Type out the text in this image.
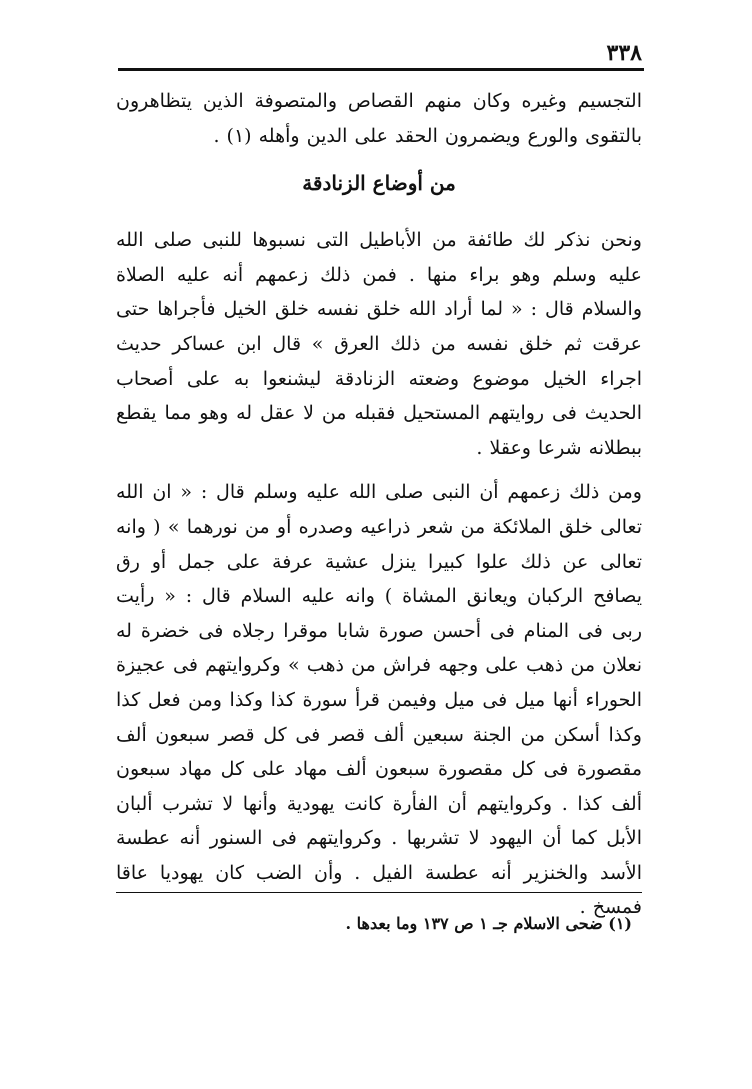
٣٣٨

التجسيم وغيره وكان منهم القصاص والمتصوفة الذين يتظاهرون بالتقوى والورع ويضمرون الحقد على الدين وأهله (١) .

من أوضاع الزنادقة

ونحن نذكر لك طائفة من الأباطيل التى نسبوها للنبى صلى الله عليه وسلم وهو براء منها . فمن ذلك زعمهم أنه عليه الصلاة والسلام قال : « لما أراد الله خلق نفسه خلق الخيل فأجراها حتى عرقت ثم خلق نفسه من ذلك العرق » قال ابن عساكر حديث اجراء الخيل موضوع وضعته الزنادقة ليشنعوا به على أصحاب الحديث فى روايتهم المستحيل فقبله من لا عقل له وهو مما يقطع ببطلانه شرعا وعقلا .

ومن ذلك زعمهم أن النبى صلى الله عليه وسلم قال : « ان الله تعالى خلق الملائكة من شعر ذراعيه وصدره أو من نورهما » ( وانه تعالى عن ذلك علوا كبيرا ينزل عشية عرفة على جمل أو رق يصافح الركبان ويعانق المشاة ) وانه عليه السلام قال : « رأيت ربى فى المنام فى أحسن صورة شابا موقرا رجلاه فى خضرة له نعلان من ذهب على وجهه فراش من ذهب » وكروايتهم فى عجيزة الحوراء أنها ميل فى ميل وفيمن قرأ سورة كذا وكذا ومن فعل كذا وكذا أسكن من الجنة سبعين ألف قصر فى كل قصر سبعون ألف مقصورة فى كل مقصورة سبعون ألف مهاد على كل مهاد سبعون ألف كذا . وكروايتهم أن الفأرة كانت يهودية وأنها لا تشرب ألبان الأبل كما أن اليهود لا تشربها . وكروايتهم فى السنور أنه عطسة الأسد والخنزير أنه عطسة الفيل . وأن الضب كان يهوديا عاقا فمسخ .

(١) ضحى الاسلام جـ ١ ص ١٣٧ وما بعدها .
